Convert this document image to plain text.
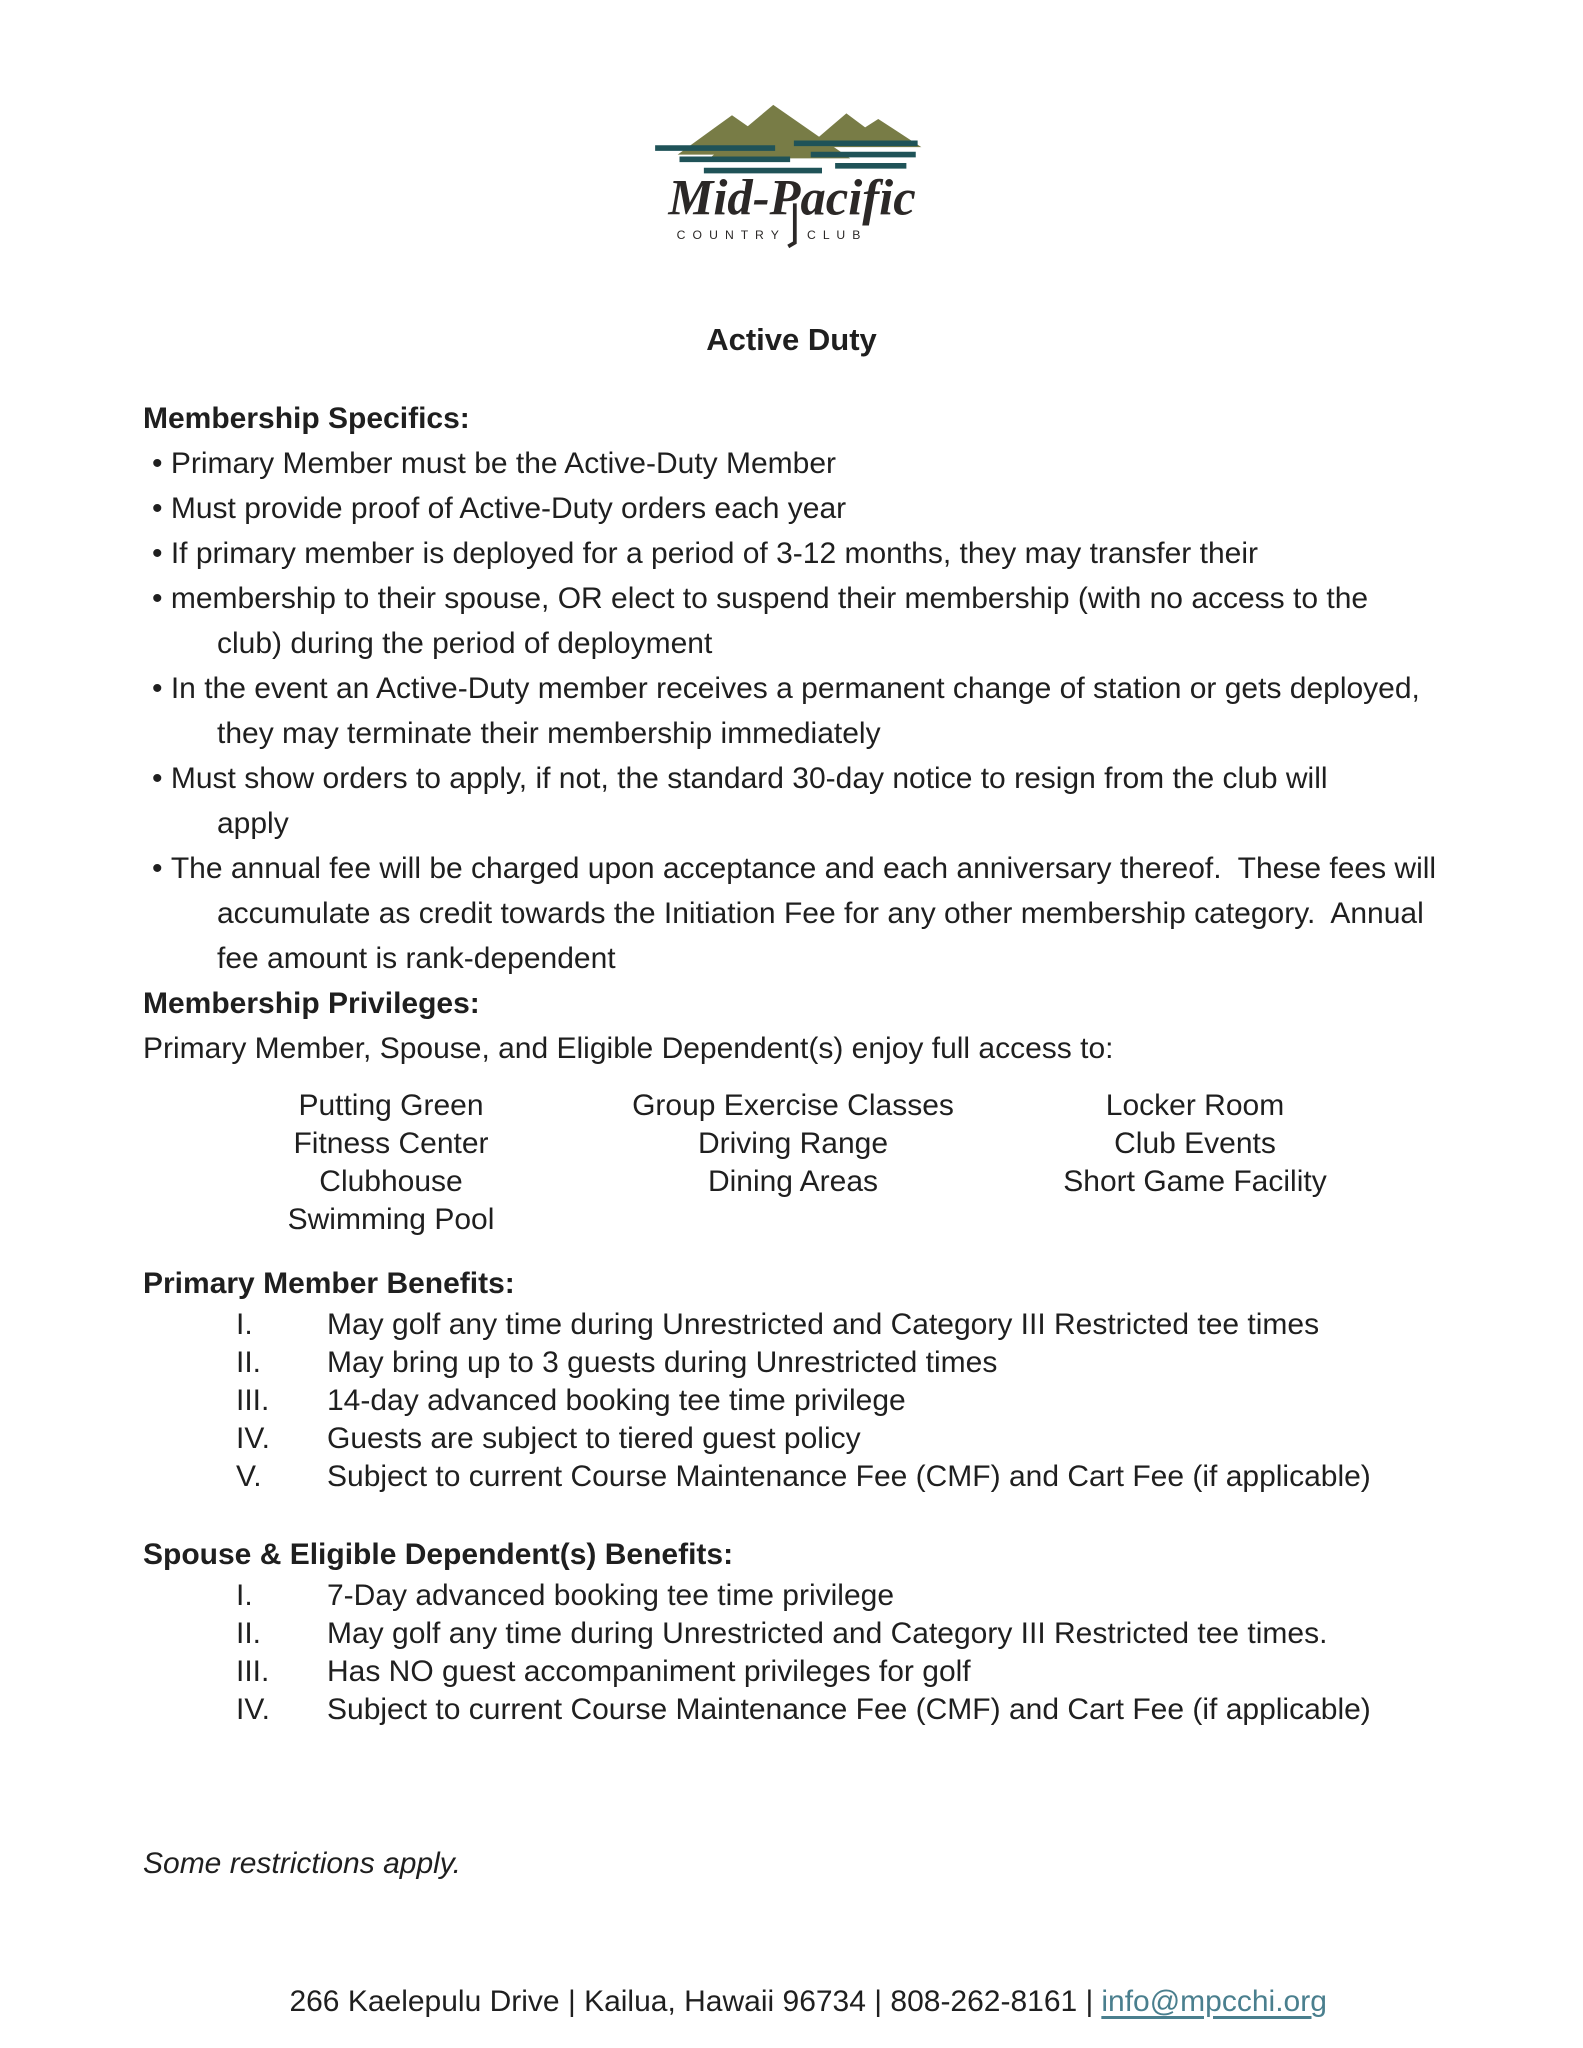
Mid-Pacific
C O U N T R Y C L U B
Active Duty
Membership Specifics:
• Primary Member must be the Active-Duty Member
• Must provide proof of Active-Duty orders each year
• If primary member is deployed for a period of 3-12 months, they may transfer their
• membership to their spouse, OR elect to suspend their membership (with no access to the
club) during the period of deployment
• In the event an Active-Duty member receives a permanent change of station or gets deployed,
they may terminate their membership immediately
• Must show orders to apply, if not, the standard 30-day notice to resign from the club will
apply
• The annual fee will be charged upon acceptance and each anniversary thereof.  These fees will
accumulate as credit towards the Initiation Fee for any other membership category.  Annual
fee amount is rank-dependent
Membership Privileges:
Primary Member, Spouse, and Eligible Dependent(s) enjoy full access to:
Putting Green	Group Exercise Classes	Locker Room
Fitness Center	Driving Range	Club Events
Clubhouse	Dining Areas	Short Game Facility
Swimming Pool
Primary Member Benefits:
I. May golf any time during Unrestricted and Category III Restricted tee times
II. May bring up to 3 guests during Unrestricted times
III. 14-day advanced booking tee time privilege
IV. Guests are subject to tiered guest policy
V. Subject to current Course Maintenance Fee (CMF) and Cart Fee (if applicable)
Spouse & Eligible Dependent(s) Benefits:
I. 7-Day advanced booking tee time privilege
II. May golf any time during Unrestricted and Category III Restricted tee times.
III. Has NO guest accompaniment privileges for golf
IV. Subject to current Course Maintenance Fee (CMF) and Cart Fee (if applicable)
Some restrictions apply.

266 Kaelepulu Drive | Kailua, Hawaii 96734 | 808-262-8161 | info@mpcchi.org
